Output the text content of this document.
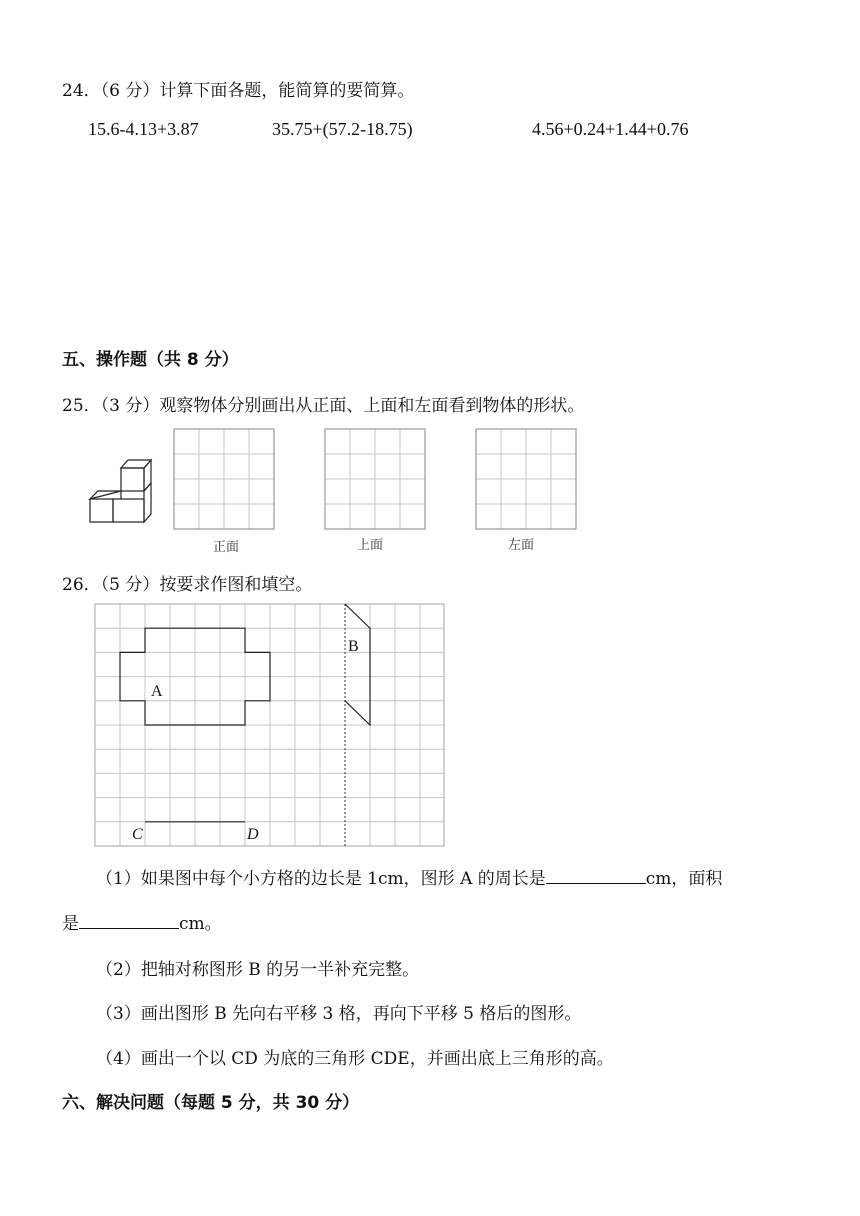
24．（6 分）计算下面各题，能简算的要简算。
15.6-4.13+3.87	35.75+(57.2-18.75)	4.56+0.24+1.44+0.76
五、操作题（共 8 分）
25．（3 分）观察物体分别画出从正面、上面和左面看到物体的形状。
正面	上面	左面
26．（5 分）按要求作图和填空。
A
B
C	D
（1）如果图中每个小方格的边长是 1cm，图形 A 的周长是	cm，面积
是	cm。
（2）把轴对称图形 B 的另一半补充完整。
（3）画出图形 B 先向右平移 3 格，再向下平移 5 格后的图形。
（4）画出一个以 CD 为底的三角形 CDE，并画出底上三角形的高。
六、解决问题（每题 5 分，共 30 分）
